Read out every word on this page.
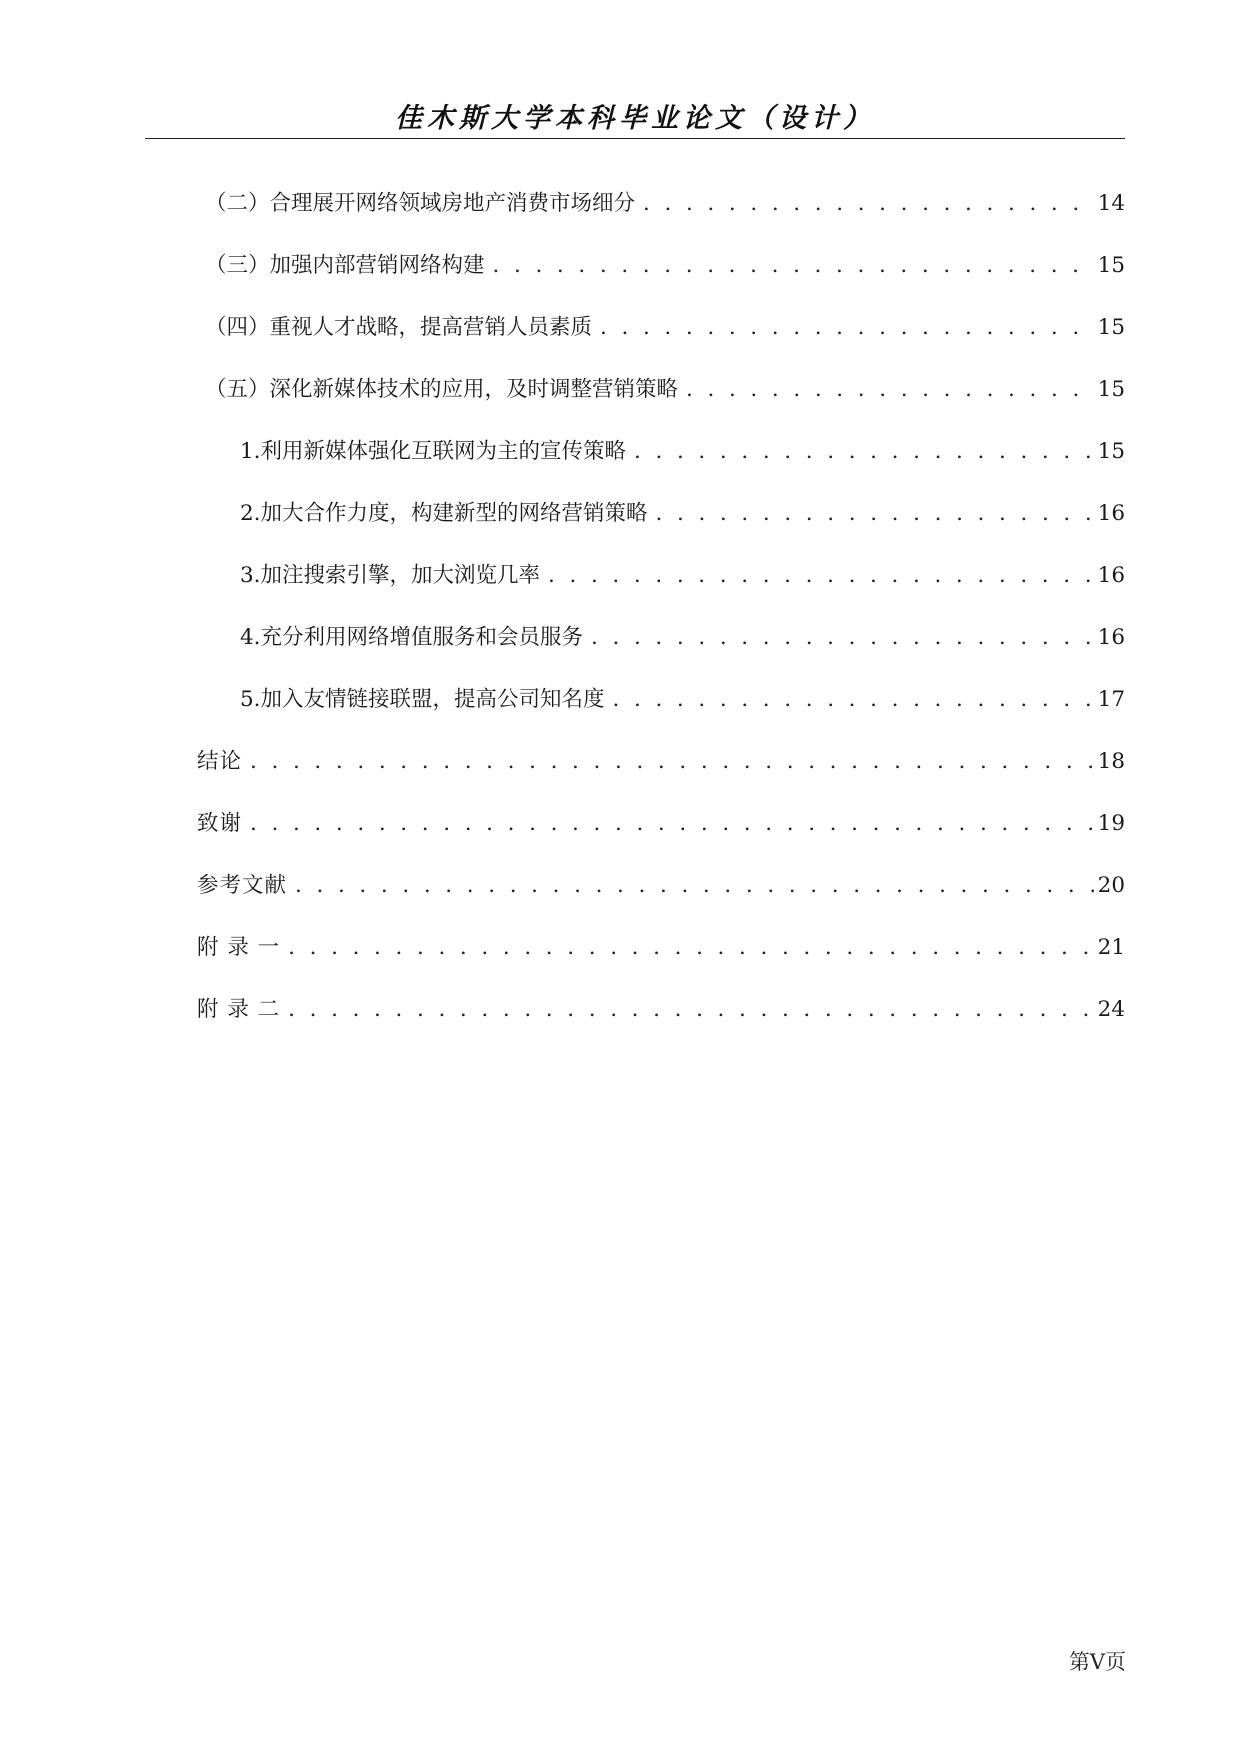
佳木斯大学本科毕业论文（设计）
（二）合理展开网络领域房地产消费市场细分 . . .	14
（三）加强内部营销网络构建 . . .	15
（四）重视人才战略，提高营销人员素质 . . .	15
（五）深化新媒体技术的应用，及时调整营销策略 . . .	15
1.利用新媒体强化互联网为主的宣传策略 . . .	15
2.加大合作力度，构建新型的网络营销策略 . . .	16
3.加注搜索引擎，加大浏览几率 . . .	16
4.充分利用网络增值服务和会员服务 . . .	16
5.加入友情链接联盟，提高公司知名度 . . .	17
结论 . . .	18
致谢 . . .	19
参考文献 . . .	20
附 录 一 . . .	21
附 录 二 . . .	24
第V页
